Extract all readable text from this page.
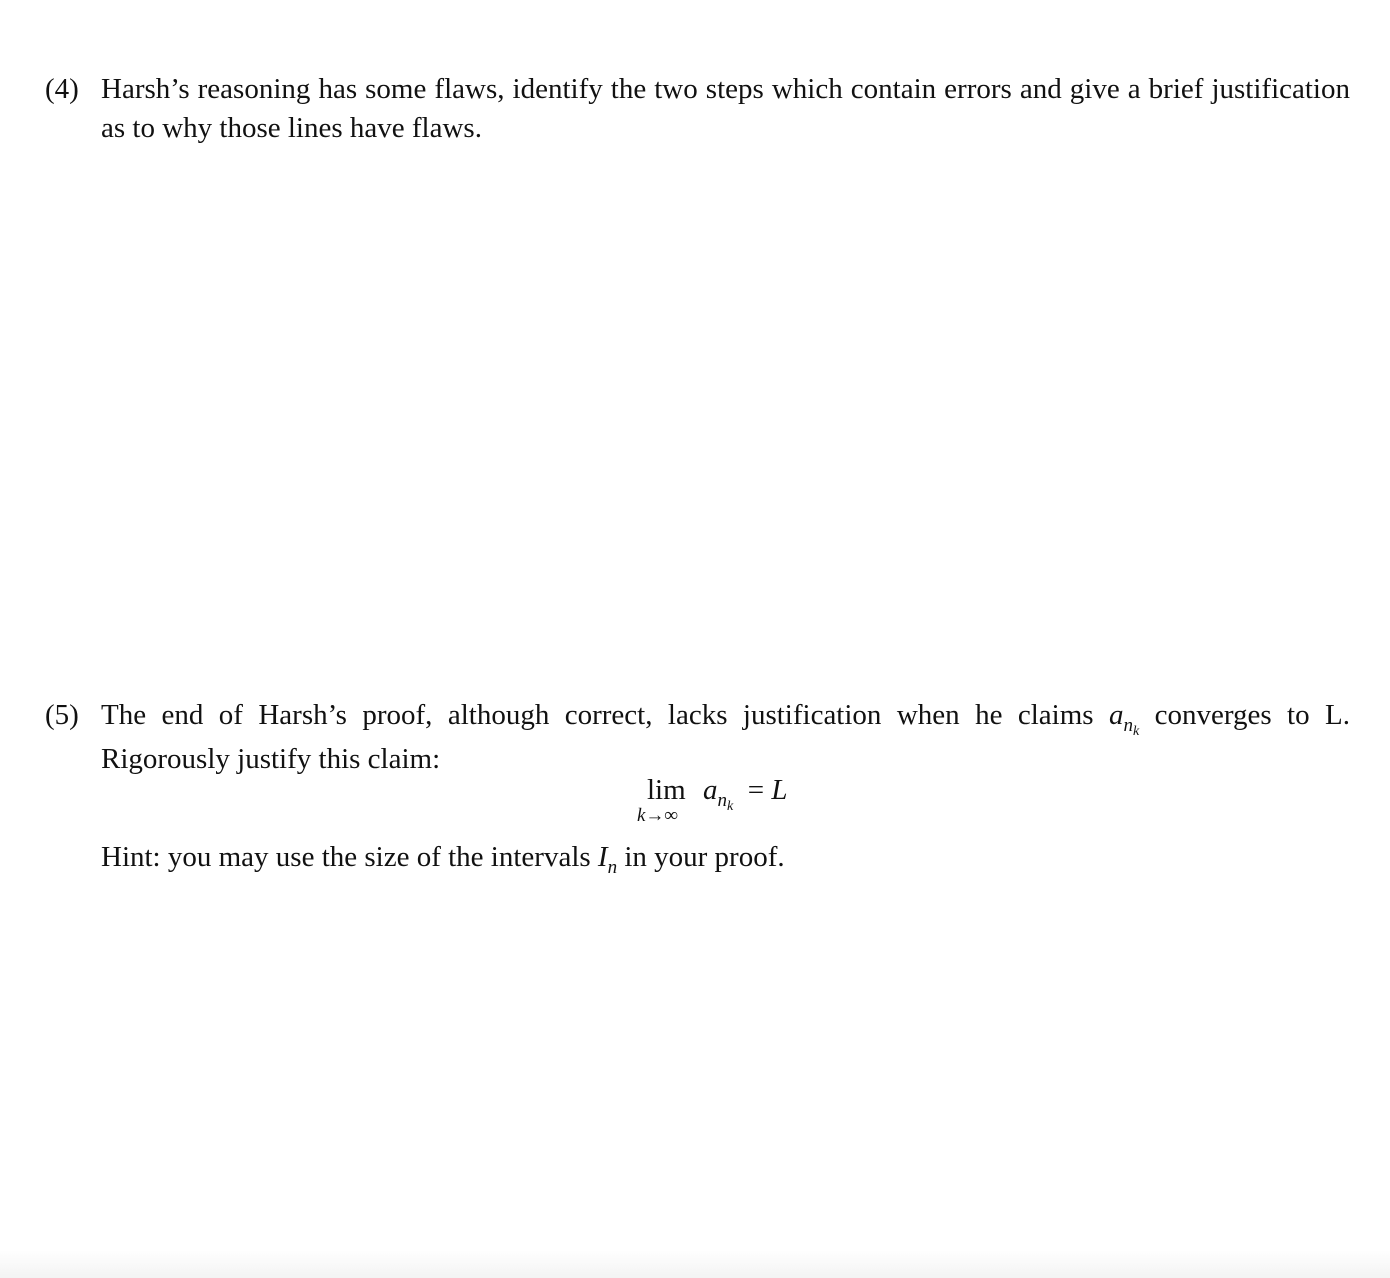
(4) Harsh’s reasoning has some flaws, identify the two steps which contain errors and give a brief justification as to why those lines have flaws.
(5) The end of Harsh’s proof, although correct, lacks justification when he claims $a_{n_k}$ converges to L. Rigorously justify this claim:
lim
k→∞
$a_{n_k} = L$
Hint: you may use the size of the intervals $I_n$ in your proof.
